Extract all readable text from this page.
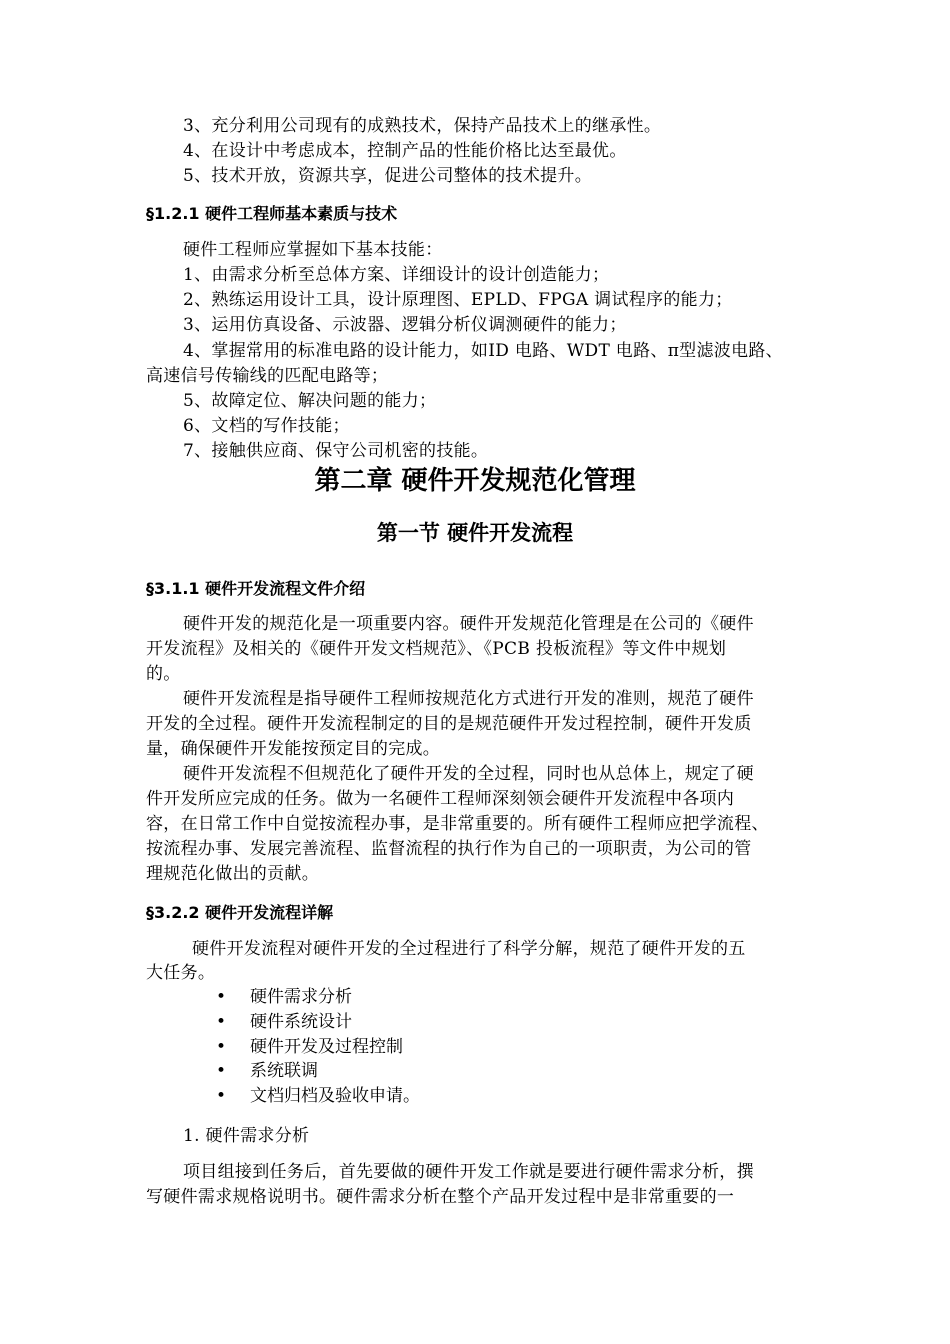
3、充分利用公司现有的成熟技术，保持产品技术上的继承性。
4、在设计中考虑成本，控制产品的性能价格比达至最优。
5、技术开放，资源共享，促进公司整体的技术提升。
§1.2.1 硬件工程师基本素质与技术
硬件工程师应掌握如下基本技能：
1、由需求分析至总体方案、详细设计的设计创造能力；
2、熟练运用设计工具，设计原理图、EPLD、FPGA 调试程序的能力；
3、运用仿真设备、示波器、逻辑分析仪调测硬件的能力；
4、掌握常用的标准电路的设计能力，如ID 电路、WDT 电路、π型滤波电路、
高速信号传输线的匹配电路等；
5、故障定位、解决问题的能力；
6、文档的写作技能；
7、接触供应商、保守公司机密的技能。
第二章 硬件开发规范化管理
第一节 硬件开发流程
§3.1.1 硬件开发流程文件介绍
硬件开发的规范化是一项重要内容。硬件开发规范化管理是在公司的《硬件
开发流程》及相关的《硬件开发文档规范》、《PCB 投板流程》等文件中规划
的。
硬件开发流程是指导硬件工程师按规范化方式进行开发的准则，规范了硬件
开发的全过程。硬件开发流程制定的目的是规范硬件开发过程控制，硬件开发质
量，确保硬件开发能按预定目的完成。
硬件开发流程不但规范化了硬件开发的全过程，同时也从总体上，规定了硬
件开发所应完成的任务。做为一名硬件工程师深刻领会硬件开发流程中各项内
容，在日常工作中自觉按流程办事，是非常重要的。所有硬件工程师应把学流程、
按流程办事、发展完善流程、监督流程的执行作为自己的一项职责，为公司的管
理规范化做出的贡献。
§3.2.2 硬件开发流程详解
硬件开发流程对硬件开发的全过程进行了科学分解，规范了硬件开发的五
大任务。
• 硬件需求分析
• 硬件系统设计
• 硬件开发及过程控制
• 系统联调
• 文档归档及验收申请。
1. 硬件需求分析
项目组接到任务后，首先要做的硬件开发工作就是要进行硬件需求分析，撰
写硬件需求规格说明书。硬件需求分析在整个产品开发过程中是非常重要的一
